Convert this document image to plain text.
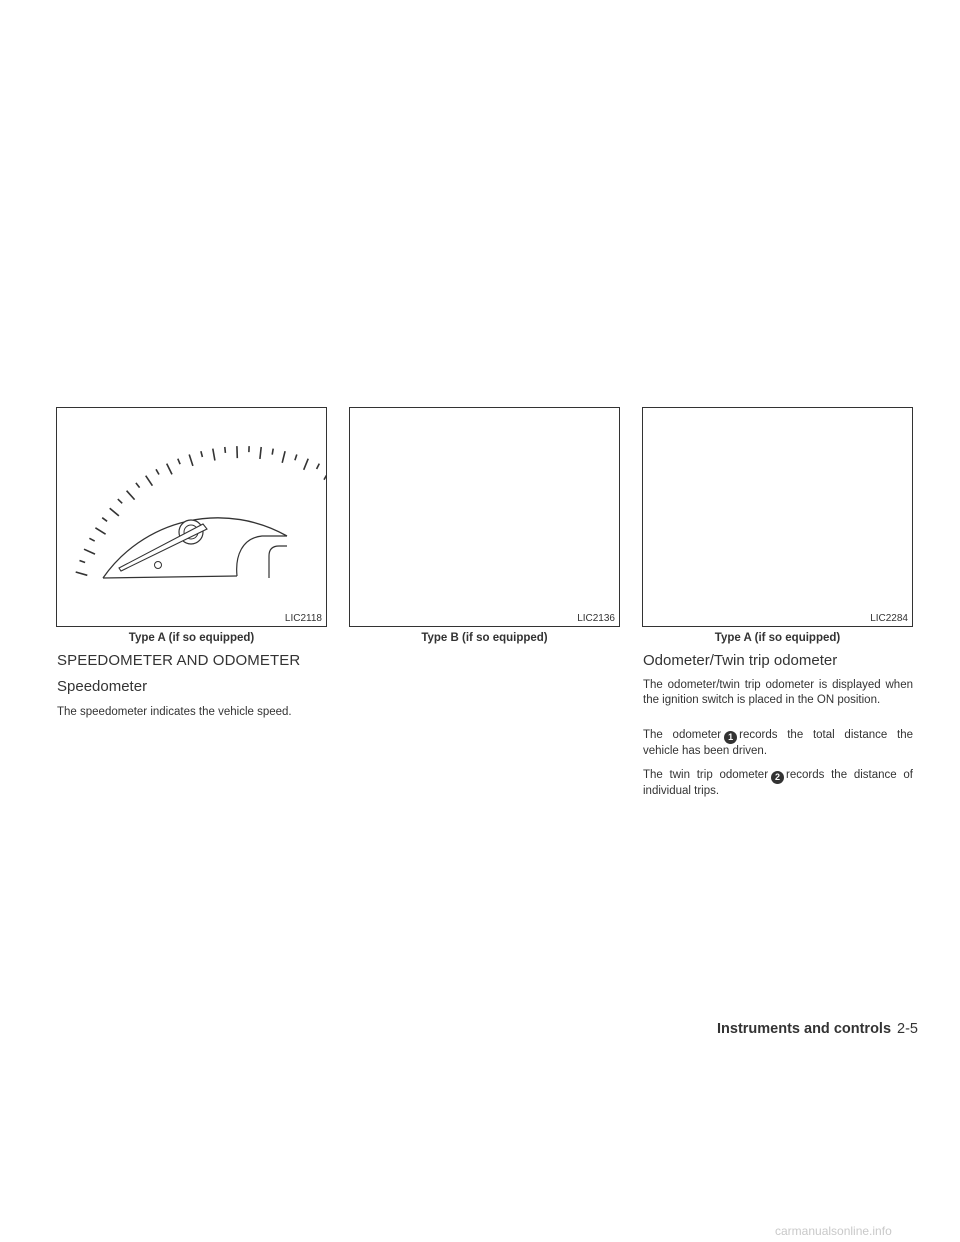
LIC2118
Type A (if so equipped)
LIC2136
Type B (if so equipped)
LIC2284
Type A (if so equipped)
SPEEDOMETER AND ODOMETER
Speedometer

The speedometer indicates the vehicle speed.

Odometer/Twin trip odometer

The odometer/twin trip odometer is displayed when the ignition switch is placed in the ON position.

The odometer 1 records the total distance the vehicle has been driven.

The twin trip odometer 2 records the distance of individual trips.

Instruments and controls 2-5
carmanualsonline.info
